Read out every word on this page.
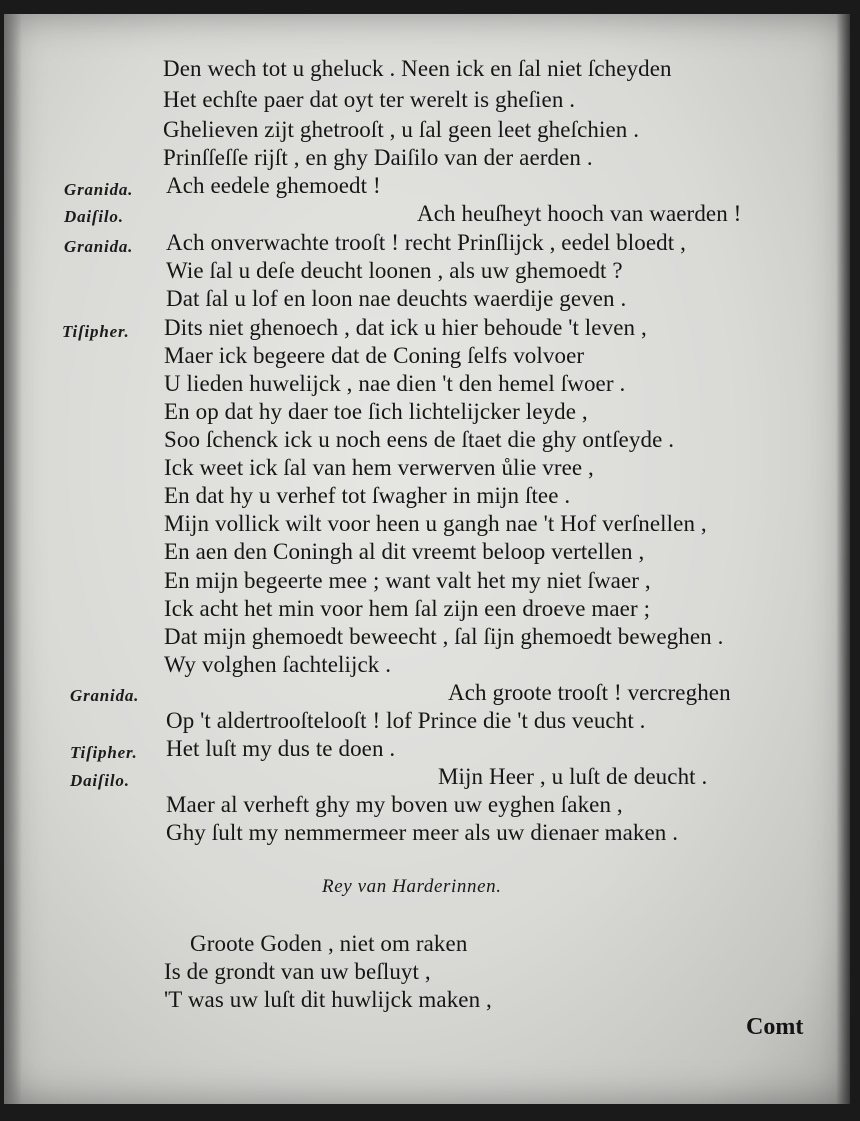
Den wech tot u gheluck . Neen ick en ſal niet ſcheyden
Het echſte paer dat oyt ter werelt is gheſien .
Ghelieven zijt ghetrooſt , u ſal geen leet gheſchien .
Prinſſeſſe rijſt , en ghy Daiſilo van der aerden .
Granida. Ach eedele ghemoedt !
Daiſilo.	Ach heuſheyt hooch van waerden !
Granida. Ach onverwachte trooſt ! recht Prinſlijck , eedel bloedt ,
Wie ſal u deſe deucht loonen , als uw ghemoedt ?
Dat ſal u lof en loon nae deuchts waerdije geven .
Tiſipher. Dits niet ghenoech , dat ick u hier behoude 't leven ,
Maer ick begeere dat de Coning ſelfs volvoer
U lieden huwelijck , nae dien 't den hemel ſwoer .
En op dat hy daer toe ſich lichtelijcker leyde ,
Soo ſchenck ick u noch eens de ſtaet die ghy ontſeyde .
Ick weet ick ſal van hem verwerven ůlie vree ,
En dat hy u verhef tot ſwagher in mijn ſtee .
Mijn vollick wilt voor heen u gangh nae 't Hof verſnellen ,
En aen den Coningh al dit vreemt beloop vertellen ,
En mijn begeerte mee ; want valt het my niet ſwaer ,
Ick acht het min voor hem ſal zijn een droeve maer ;
Dat mijn ghemoedt beweecht , ſal ſijn ghemoedt beweghen .
Wy volghen ſachtelijck .
Granida.	Ach groote trooſt ! vercreghen
Op 't aldertrooſtelooſt ! lof Prince die 't dus veucht .
Tiſipher. Het luſt my dus te doen .
Daiſilo.	Mijn Heer , u luſt de deucht .
Maer al verheft ghy my boven uw eyghen ſaken ,
Ghy ſult my nemmermeer meer als uw dienaer maken .
Rey van Harderinnen.
Groote Goden , niet om raken
Is de grondt van uw beſluyt ,
'T was uw luſt dit huwlijck maken ,
Comt
